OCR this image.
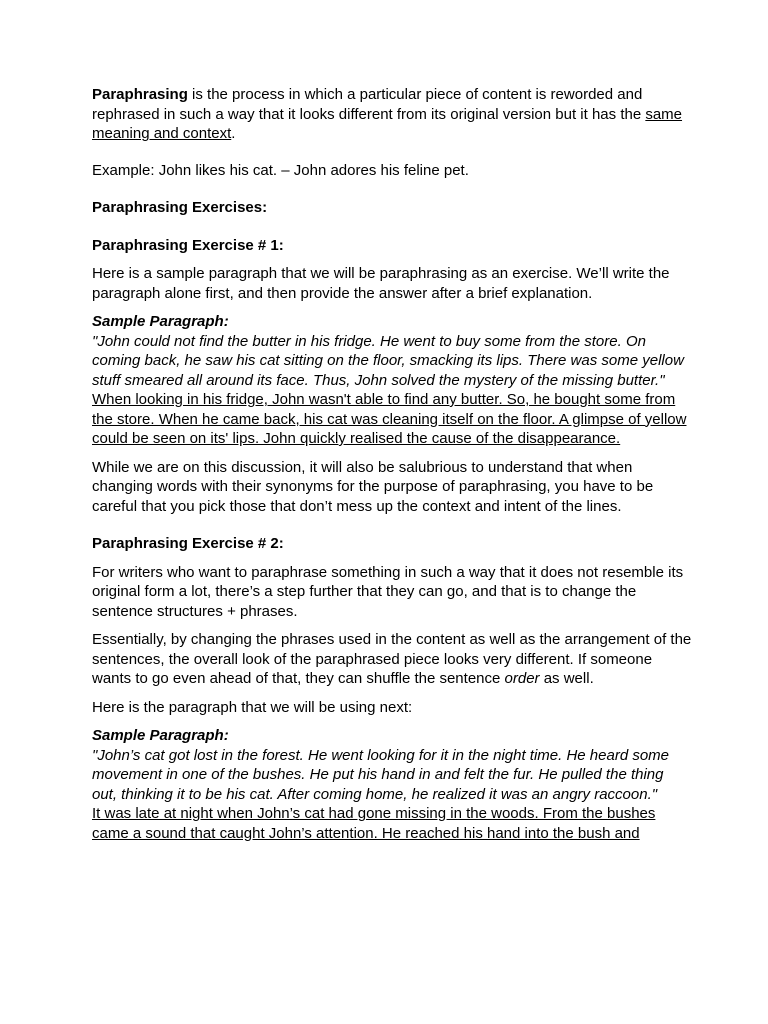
Paraphrasing is the process in which a particular piece of content is reworded and rephrased in such a way that it looks different from its original version but it has the same meaning and context.

Example: John likes his cat. – John adores his feline pet.

Paraphrasing Exercises:

Paraphrasing Exercise # 1:

Here is a sample paragraph that we will be paraphrasing as an exercise. We’ll write the paragraph alone first, and then provide the answer after a brief explanation.

Sample Paragraph:

"John could not find the butter in his fridge. He went to buy some from the store. On coming back, he saw his cat sitting on the floor, smacking its lips. There was some yellow stuff smeared all around its face. Thus, John solved the mystery of the missing butter."

When looking in his fridge, John wasn't able to find any butter. So, he bought some from the store. When he came back, his cat was cleaning itself on the floor. A glimpse of yellow could be seen on its' lips. John quickly realised the cause of the disappearance.

While we are on this discussion, it will also be salubrious to understand that when changing words with their synonyms for the purpose of paraphrasing, you have to be careful that you pick those that don’t mess up the context and intent of the lines.

Paraphrasing Exercise # 2:

For writers who want to paraphrase something in such a way that it does not resemble its original form a lot, there’s a step further that they can go, and that is to change the sentence structures + phrases.

Essentially, by changing the phrases used in the content as well as the arrangement of the sentences, the overall look of the paraphrased piece looks very different. If someone wants to go even ahead of that, they can shuffle the sentence order as well.

Here is the paragraph that we will be using next:

Sample Paragraph:

"John’s cat got lost in the forest. He went looking for it in the night time. He heard some movement in one of the bushes. He put his hand in and felt the fur. He pulled the thing out, thinking it to be his cat. After coming home, he realized it was an angry raccoon."

It was late at night when John’s cat had gone missing in the woods. From the bushes came a sound that caught John’s attention. He reached his hand into the bush and
